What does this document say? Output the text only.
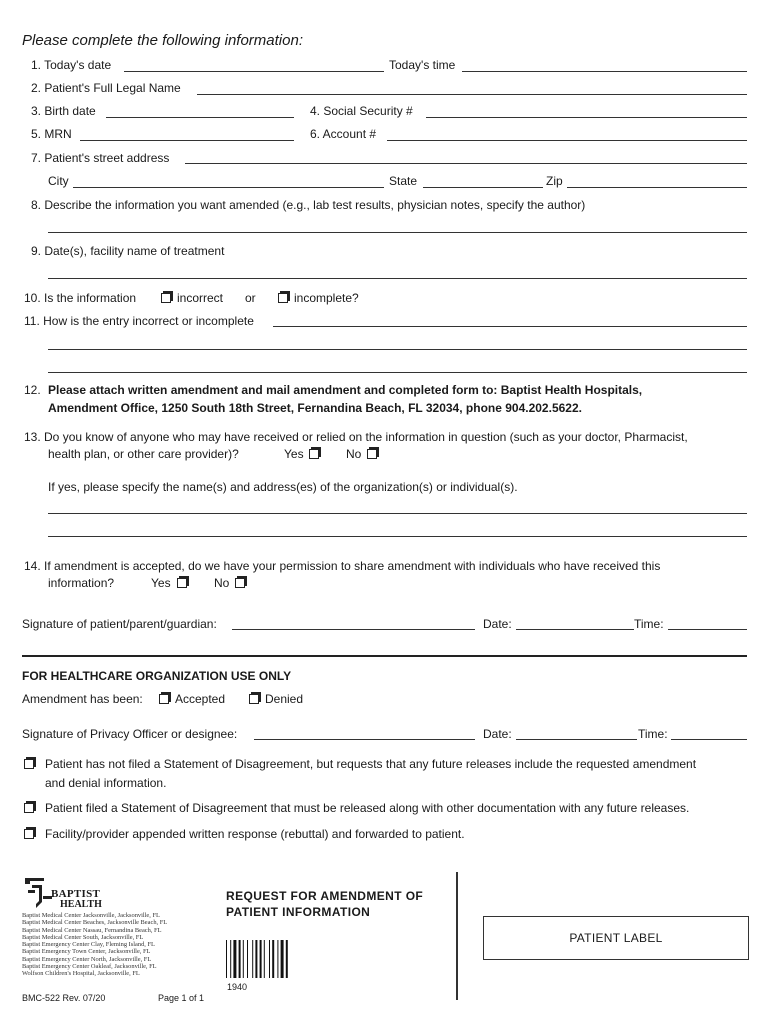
Please complete the following information:
1. Today's date	Today's time
2. Patient's Full Legal Name
3. Birth date	4. Social Security #
5. MRN	6. Account #
7. Patient's street address
City	State	Zip
8. Describe the information you want amended (e.g., lab test results, physician notes, specify the author)
9. Date(s), facility name of treatment
10. Is the information	incorrect or	incomplete?
11. How is the entry incorrect or incomplete
12. Please attach written amendment and mail amendment and completed form to: Baptist Health Hospitals,
Amendment Office, 1250 South 18th Street, Fernandina Beach, FL 32034, phone 904.202.5622.
13. Do you know of anyone who may have received or relied on the information in question (such as your doctor, Pharmacist,
health plan, or other care provider)?	Yes	No
If yes, please specify the name(s) and address(es) of the organization(s) or individual(s).
14. If amendment is accepted, do we have your permission to share amendment with individuals who have received this
information?	Yes	No
Signature of patient/parent/guardian:	Date:	Time:
FOR HEALTHCARE ORGANIZATION USE ONLY
Amendment has been:	Accepted	Denied
Signature of Privacy Officer or designee:	Date:	Time:
Patient has not filed a Statement of Disagreement, but requests that any future releases include the requested amendment
and denial information.
Patient filed a Statement of Disagreement that must be released along with other documentation with any future releases.
Facility/provider appended written response (rebuttal) and forwarded to patient.
BAPTIST
HEALTH
Baptist Medical Center Jacksonville, Jacksonville, FL
Baptist Medical Center Beaches, Jacksonville Beach, FL
Baptist Medical Center Nassau, Fernandina Beach, FL
Baptist Medical Center South, Jacksonville, FL
Baptist Emergency Center Clay, Fleming Island, FL
Baptist Emergency Town Center, Jacksonville, FL
Baptist Emergency Center North, Jacksonville, FL
Baptist Emergency Center Oakleaf, Jacksonville, FL
Wolfson Children's Hospital, Jacksonville, FL
BMC-522 Rev. 07/20	Page 1 of 1
REQUEST FOR AMENDMENT OF
PATIENT INFORMATION
1940
PATIENT LABEL
